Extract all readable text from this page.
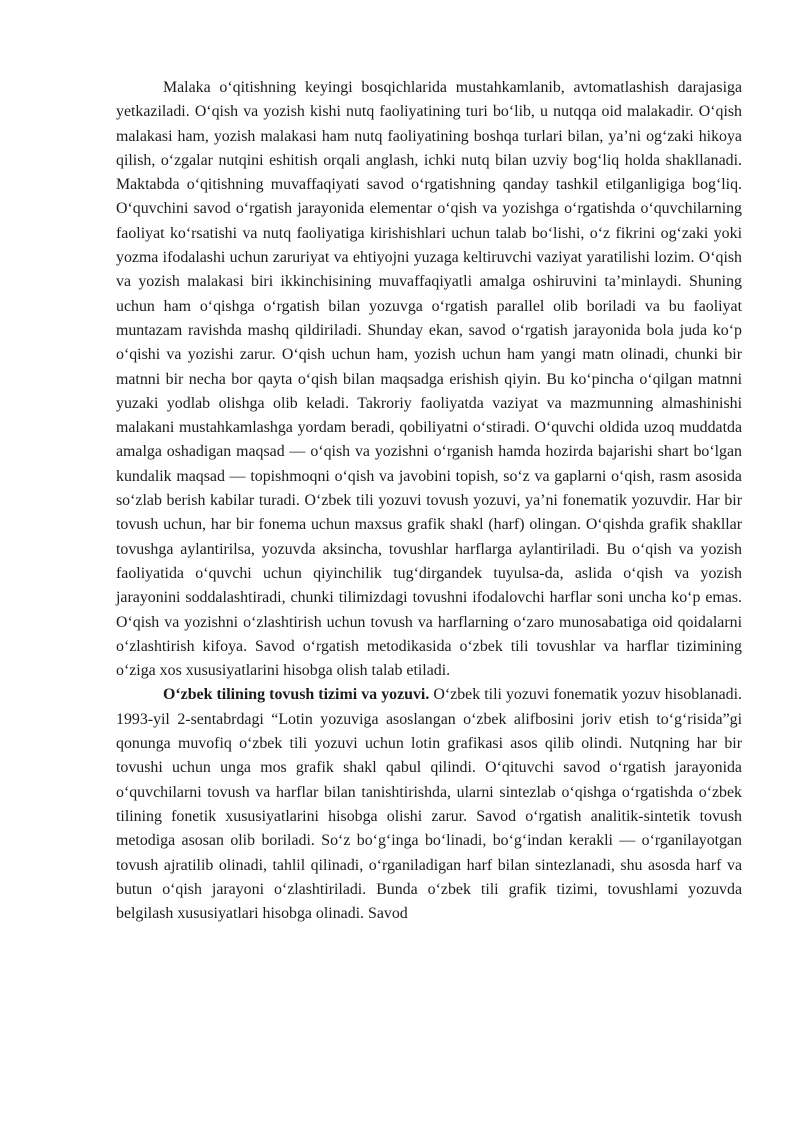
Malaka o‘qitishning keyingi bosqichlarida mustahkamlanib, avtomatlashish darajasiga yetkaziladi. O‘qish va yozish kishi nutq faoliyatining turi bo‘lib, u nutqqa oid malakadir. O‘qish malakasi ham, yozish malakasi ham nutq faoliyatining boshqa turlari bilan, ya’ni og‘zaki hikoya qilish, o‘zgalar nutqini eshitish orqali anglash, ichki nutq bilan uzviy bog‘liq holda shakllanadi. Maktabda o‘qitishning muvaffaqiyati savod o‘rgatishning qanday tashkil etilganligiga bog‘liq. O‘quvchini savod o‘rgatish jarayonida elementar o‘qish va yozishga o‘rgatishda o‘quvchilarning faoliyat ko‘rsatishi va nutq faoliyatiga kirishishlari uchun talab bo‘lishi, o‘z fikrini og‘zaki yoki yozma ifodalashi uchun zaruriyat va ehtiyojni yuzaga keltiruvchi vaziyat yaratilishi lozim. O‘qish va yozish malakasi biri ikkinchisining muvaffaqiyatli amalga oshiruvini ta’minlaydi. Shuning uchun ham o‘qishga o‘rgatish bilan yozuvga o‘rgatish parallel olib boriladi va bu faoliyat muntazam ravishda mashq qildiriladi. Shunday ekan, savod o‘rgatish jarayonida bola juda ko‘p o‘qishi va yozishi zarur. O‘qish uchun ham, yozish uchun ham yangi matn olinadi, chunki bir matnni bir necha bor qayta o‘qish bilan maqsadga erishish qiyin. Bu ko‘pincha o‘qilgan matnni yuzaki yodlab olishga olib keladi. Takroriy faoliyatda vaziyat va mazmunning almashinishi malakani mustahkamlashga yordam beradi, qobiliyatni o‘stiradi. O‘quvchi oldida uzoq muddatda amalga oshadigan maqsad — o‘qish va yozishni o‘rganish hamda hozirda bajarishi shart bo‘lgan kundalik maqsad — topishmoqni o‘qish va javobini topish, so‘z va gaplarni o‘qish, rasm asosida so‘zlab berish kabilar turadi. O‘zbek tili yozuvi tovush yozuvi, ya’ni fonematik yozuvdir. Har bir tovush uchun, har bir fonema uchun maxsus grafik shakl (harf) olingan. O‘qishda grafik shakllar tovushga aylantirilsa, yozuvda aksincha, tovushlar harflarga aylantiriladi. Bu o‘qish va yozish faoliyatida o‘quvchi uchun qiyinchilik tug‘dirgandek tuyulsa-da, aslida o‘qish va yozish jarayonini soddalashtiradi, chunki tilimizdagi tovushni ifodalovchi harflar soni uncha ko‘p emas. O‘qish va yozishni o‘zlashtirish uchun tovush va harflarning o‘zaro munosabatiga oid qoidalarni o‘zlashtirish kifoya. Savod o‘rgatish metodikasida o‘zbek tili tovushlar va harflar tizimining o‘ziga xos xususiyatlarini hisobga olish talab etiladi.

O‘zbek tilining tovush tizimi va yozuvi. O‘zbek tili yozuvi fonematik yozuv hisoblanadi. 1993-yil 2-sentabrdagi “Lotin yozuviga asoslangan o‘zbek alifbosini joriv etish to‘g‘risida”gi qonunga muvofiq o‘zbek tili yozuvi uchun lotin grafikasi asos qilib olindi. Nutqning har bir tovushi uchun unga mos grafik shakl qabul qilindi. O‘qituvchi savod o‘rgatish jarayonida o‘quvchilarni tovush va harflar bilan tanishtirishda, ularni sintezlab o‘qishga o‘rgatishda o‘zbek tilining fonetik xususiyatlarini hisobga olishi zarur. Savod o‘rgatish analitik-sintetik tovush metodiga asosan olib boriladi. So‘z bo‘g‘inga bo‘linadi, bo‘g‘indan kerakli — o‘rganilayotgan tovush ajratilib olinadi, tahlil qilinadi, o‘rganiladigan harf bilan sintezlanadi, shu asosda harf va butun o‘qish jarayoni o‘zlashtiriladi. Bunda o‘zbek tili grafik tizimi, tovushlami yozuvda belgilash xususiyatlari hisobga olinadi. Savod
